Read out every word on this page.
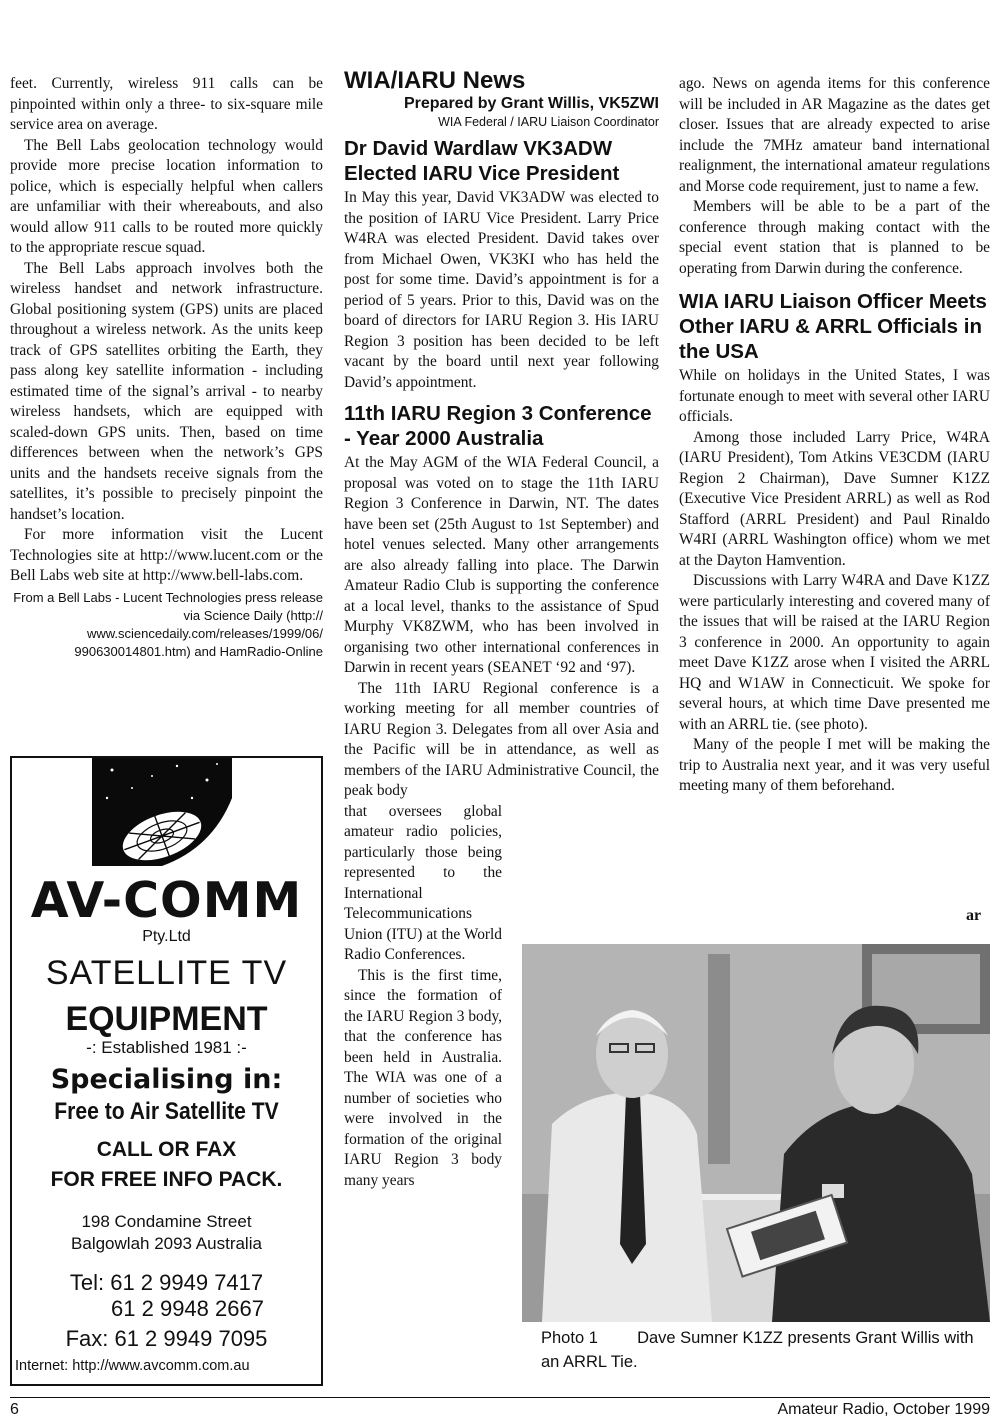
feet. Currently, wireless 911 calls can be pinpointed within only a three- to six-square mile service area on average.

The Bell Labs geolocation technology would provide more precise location information to police, which is especially helpful when callers are unfamiliar with their whereabouts, and also would allow 911 calls to be routed more quickly to the appropriate rescue squad.

The Bell Labs approach involves both the wireless handset and network infrastructure. Global positioning system (GPS) units are placed throughout a wireless network. As the units keep track of GPS satellites orbiting the Earth, they pass along key satellite information - including estimated time of the signal’s arrival - to nearby wireless handsets, which are equipped with scaled-down GPS units. Then, based on time differences between when the network’s GPS units and the handsets receive signals from the satellites, it’s possible to precisely pinpoint the handset’s location.

For more information visit the Lucent Technologies site at http://www.lucent.com or the Bell Labs web site at http://www.bell-labs.com.

From a Bell Labs - Lucent Technologies press release via Science Daily (http:// www.sciencedaily.com/releases/1999/06/ 990630014801.htm) and HamRadio-Online

AV-COMM
Pty.Ltd
SATELLITE TV
EQUIPMENT
-: Established 1981 :-
Specialising in:
Free to Air Satellite TV
CALL OR FAX
FOR FREE INFO PACK.
198 Condamine Street
Balgowlah 2093 Australia
Tel: 61 2 9949 7417
61 2 9948 2667
Fax: 61 2 9949 7095
Internet: http://www.avcomm.com.au
WIA/IARU News
Prepared by Grant Willis, VK5ZWI
WIA Federal / IARU Liaison Coordinator
Dr David Wardlaw VK3ADW Elected IARU Vice President

In May this year, David VK3ADW was elected to the position of IARU Vice President. Larry Price W4RA was elected President. David takes over from Michael Owen, VK3KI who has held the post for some time. David’s appointment is for a period of 5 years. Prior to this, David was on the board of directors for IARU Region 3. His IARU Region 3 position has been decided to be left vacant by the board until next year following David’s appointment.

11th IARU Region 3 Conference - Year 2000 Australia

At the May AGM of the WIA Federal Council, a proposal was voted on to stage the 11th IARU Region 3 Conference in Darwin, NT. The dates have been set (25th August to 1st September) and hotel venues selected. Many other arrangements are also already falling into place. The Darwin Amateur Radio Club is supporting the conference at a local level, thanks to the assistance of Spud Murphy VK8ZWM, who has been involved in organising two other international conferences in Darwin in recent years (SEANET ‘92 and ‘97).

The 11th IARU Regional conference is a working meeting for all member countries of IARU Region 3. Delegates from all over Asia and the Pacific will be in attendance, as well as members of the IARU Administrative Council, the peak body

that oversees global amateur radio policies, particularly those being represented to the International Telecommunications Union (ITU) at the World Radio Conferences.

This is the first time, since the formation of the IARU Region 3 body, that the conference has been held in Australia. The WIA was one of a number of societies who were involved in the formation of the original IARU Region 3 body many years

ago. News on agenda items for this conference will be included in AR Magazine as the dates get closer. Issues that are already expected to arise include the 7MHz amateur band international realignment, the international amateur regulations and Morse code requirement, just to name a few.

Members will be able to be a part of the conference through making contact with the special event station that is planned to be operating from Darwin during the conference.

WIA IARU Liaison Officer Meets Other IARU & ARRL Officials in the USA

While on holidays in the United States, I was fortunate enough to meet with several other IARU officials.

Among those included Larry Price, W4RA (IARU President), Tom Atkins VE3CDM (IARU Region 2 Chairman), Dave Sumner K1ZZ (Executive Vice President ARRL) as well as Rod Stafford (ARRL President) and Paul Rinaldo W4RI (ARRL Washington office) whom we met at the Dayton Hamvention.

Discussions with Larry W4RA and Dave K1ZZ were particularly interesting and covered many of the issues that will be raised at the IARU Region 3 conference in 2000. An opportunity to again meet Dave K1ZZ arose when I visited the ARRL HQ and W1AW in Connecticuit. We spoke for several hours, at which time Dave presented me with an ARRL tie. (see photo).

Many of the people I met will be making the trip to Australia next year, and it was very useful meeting many of them beforehand.

ar
Photo 1 Dave Sumner K1ZZ presents Grant Willis with an ARRL Tie.
6	Amateur Radio, October 1999
